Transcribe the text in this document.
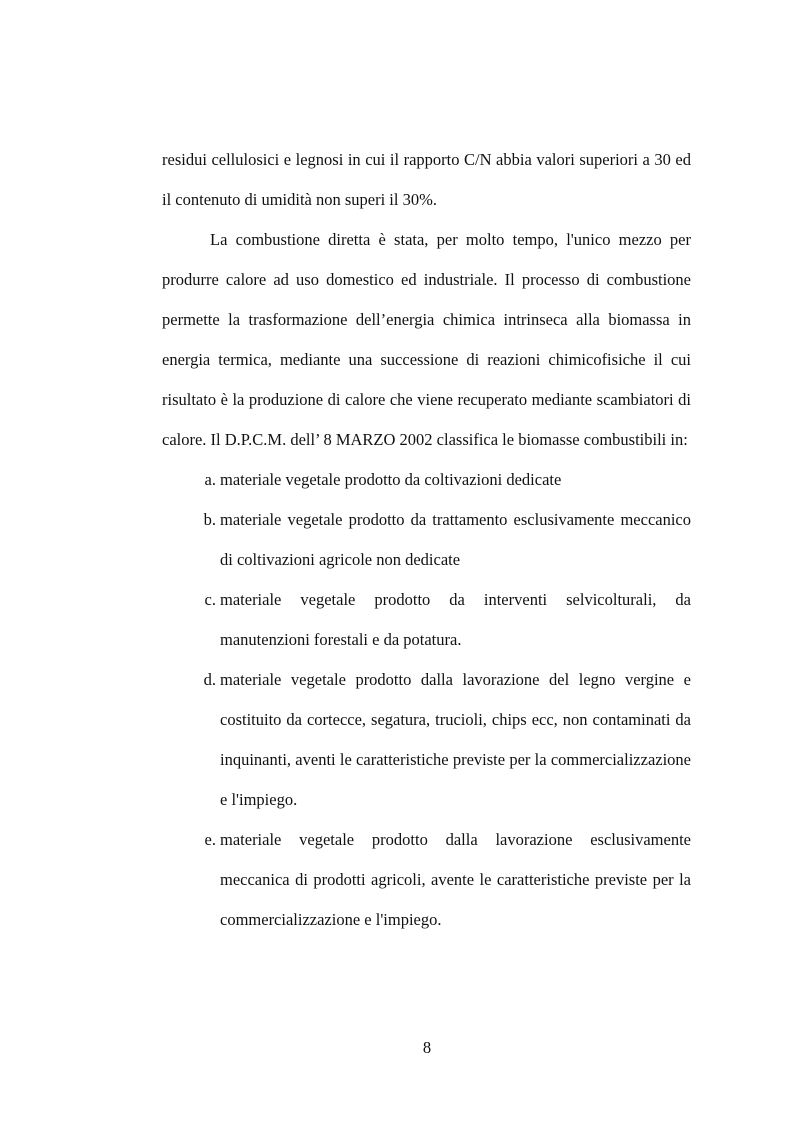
residui cellulosici e legnosi in cui il rapporto C/N abbia valori superiori a 30 ed il contenuto di umidità non superi il 30%.

La combustione diretta è stata, per molto tempo, l'unico mezzo per produrre calore ad uso domestico ed industriale. Il processo di combustione permette la trasformazione dell’energia chimica intrinseca alla biomassa in energia termica, mediante una successione di reazioni chimicofisiche il cui risultato è la produzione di calore che viene recuperato mediante scambiatori di calore. Il D.P.C.M. dell’ 8 MARZO 2002 classifica le biomasse combustibili in:

a. materiale vegetale prodotto da coltivazioni dedicate
b. materiale vegetale prodotto da trattamento esclusivamente meccanico di coltivazioni agricole non dedicate
c. materiale vegetale prodotto da interventi selvicolturali, da manutenzioni forestali e da potatura.
d. materiale vegetale prodotto dalla lavorazione del legno vergine e costituito da cortecce, segatura, trucioli, chips ecc, non contaminati da inquinanti, aventi le caratteristiche previste per la commercializzazione e l'impiego.
e. materiale vegetale prodotto dalla lavorazione esclusivamente meccanica di prodotti agricoli, avente le caratteristiche previste per la commercializzazione e l'impiego.
8
